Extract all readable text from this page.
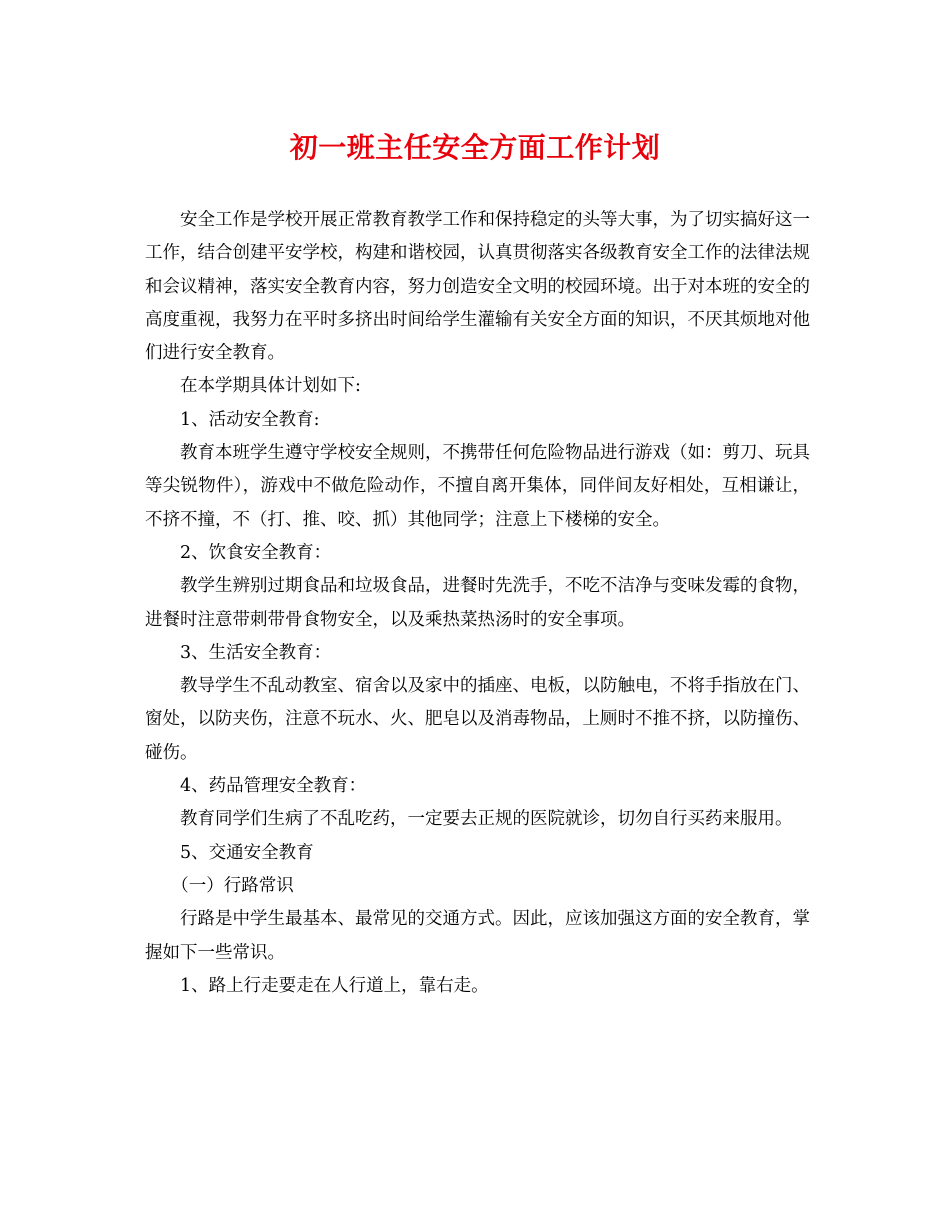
初一班主任安全方面工作计划

安全工作是学校开展正常教育教学工作和保持稳定的头等大事，为了切实搞好这一工作，结合创建平安学校，构建和谐校园，认真贯彻落实各级教育安全工作的法律法规和会议精神，落实安全教育内容，努力创造安全文明的校园环境。出于对本班的安全的高度重视，我努力在平时多挤出时间给学生灌输有关安全方面的知识，不厌其烦地对他们进行安全教育。

在本学期具体计划如下:

1、活动安全教育:

教育本班学生遵守学校安全规则，不携带任何危险物品进行游戏（如：剪刀、玩具等尖锐物件），游戏中不做危险动作，不擅自离开集体，同伴间友好相处，互相谦让，不挤不撞，不（打、推、咬、抓）其他同学；注意上下楼梯的安全。

2、饮食安全教育：

教学生辨别过期食品和垃圾食品，进餐时先洗手，不吃不洁净与变味发霉的食物，进餐时注意带刺带骨食物安全，以及乘热菜热汤时的安全事项。

3、生活安全教育：

教导学生不乱动教室、宿舍以及家中的插座、电板，以防触电，不将手指放在门、窗处，以防夹伤，注意不玩水、火、肥皂以及消毒物品，上厕时不推不挤，以防撞伤、碰伤。

4、药品管理安全教育：

教育同学们生病了不乱吃药，一定要去正规的医院就诊，切勿自行买药来服用。

5、交通安全教育

（一）行路常识

行路是中学生最基本、最常见的交通方式。因此，应该加强这方面的安全教育，掌握如下一些常识。

1、路上行走要走在人行道上，靠右走。
